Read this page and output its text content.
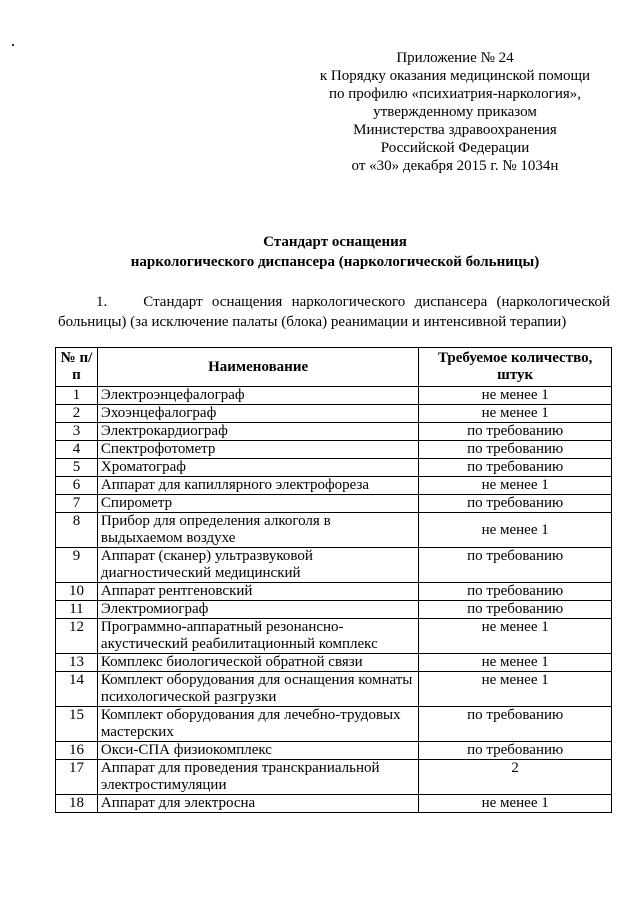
Приложение № 24
к Порядку оказания медицинской помощи
по профилю «психиатрия-наркология»,
утвержденному приказом
Министерства здравоохранения
Российской Федерации
от «30» декабря 2015 г. № 1034н
Стандарт оснащения
наркологического диспансера (наркологической больницы)
1.	Стандарт оснащения наркологического диспансера (наркологической
больницы) (за исключение палаты (блока) реанимации и интенсивной терапии)
№ п/п	Наименование	Требуемое количество, штук
1	Электроэнцефалограф	не менее 1
2	Эхоэнцефалограф	не менее 1
3	Электрокардиограф	по требованию
4	Спектрофотометр	по требованию
5	Хроматограф	по требованию
6	Аппарат для капиллярного электрофореза	не менее 1
7	Спирометр	по требованию
8	Прибор для определения алкоголя в выдыхаемом воздухе	не менее 1
9	Аппарат (сканер) ультразвуковой диагностический медицинский	по требованию
10	Аппарат рентгеновский	по требованию
11	Электромиограф	по требованию
12	Программно-аппаратный резонансно-акустический реабилитационный комплекс	не менее 1
13	Комплекс биологической обратной связи	не менее 1
14	Комплект оборудования для оснащения комнаты психологической разгрузки	не менее 1
15	Комплект оборудования для лечебно-трудовых мастерских	по требованию
16	Окси-СПА физиокомплекс	по требованию
17	Аппарат для проведения транскраниальной электростимуляции	2
18	Аппарат для электросна	не менее 1
